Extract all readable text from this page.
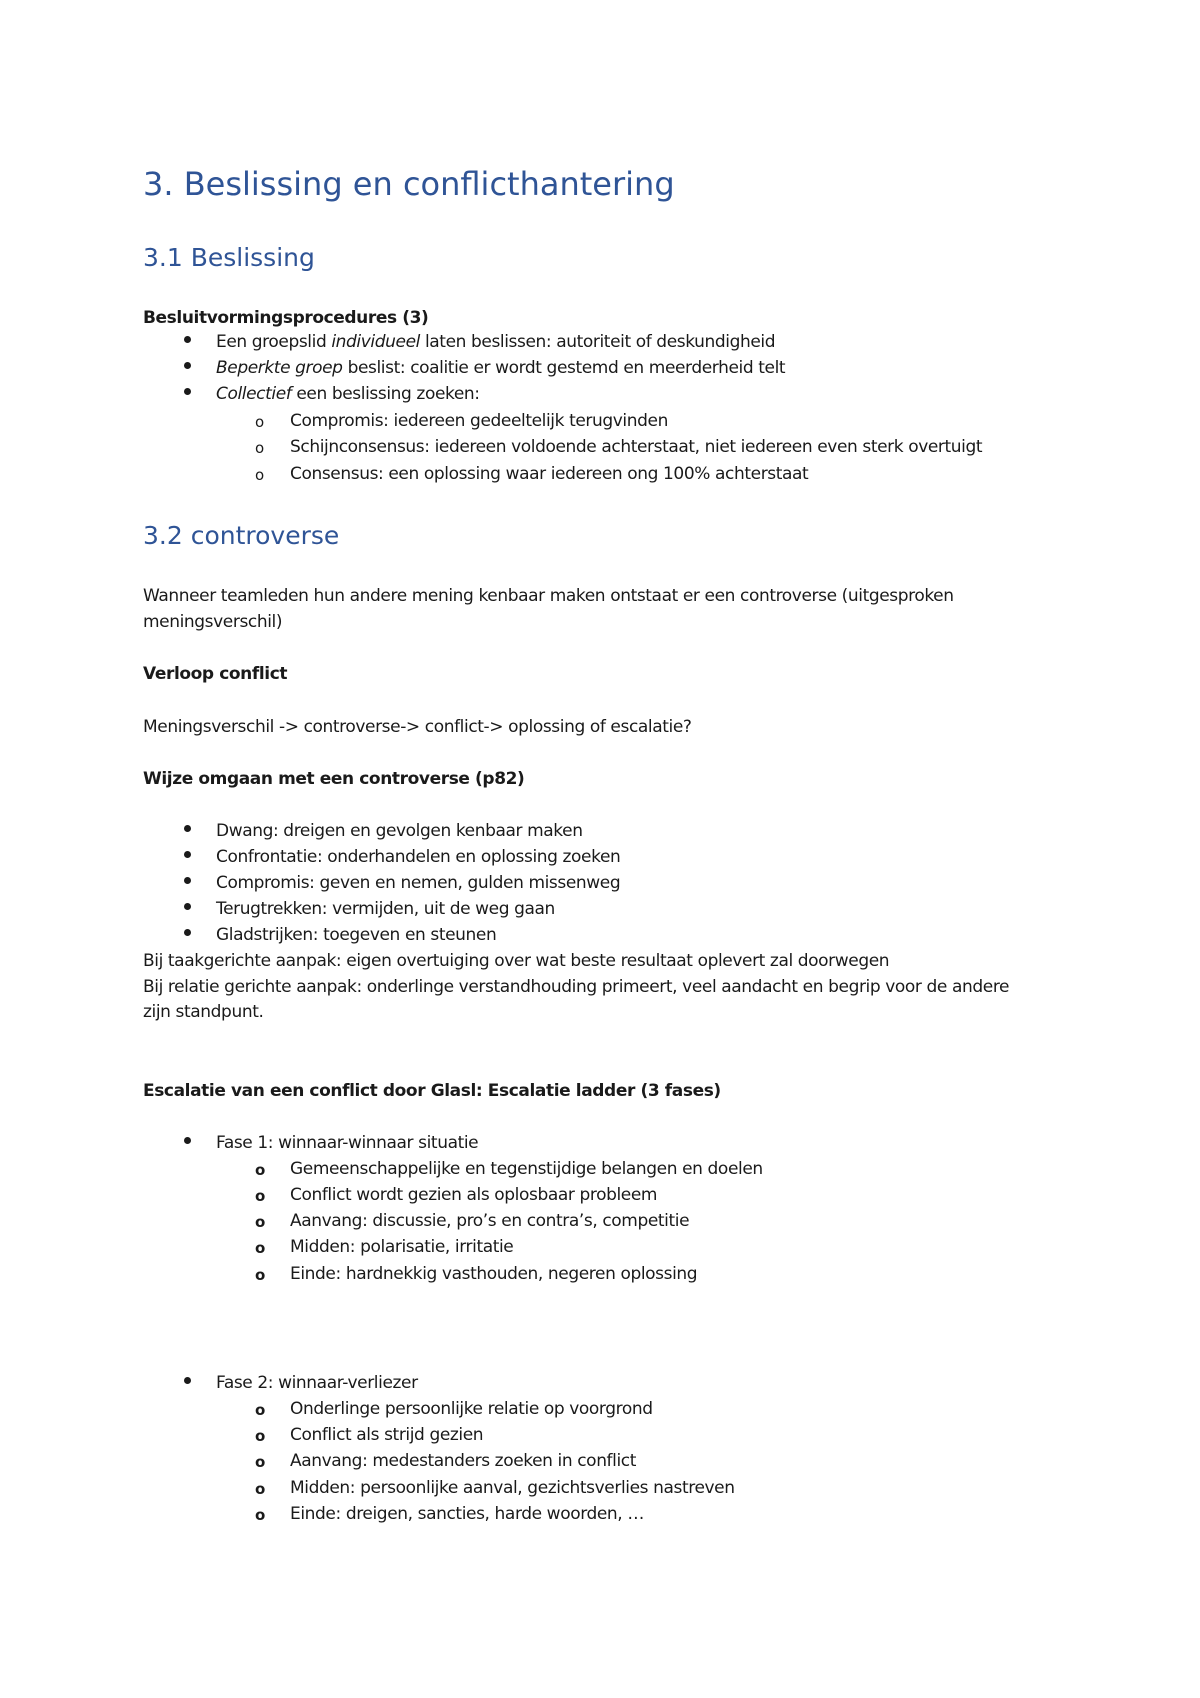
3. Beslissing en conflicthantering
3.1 Beslissing
Besluitvormingsprocedures (3)
Een groepslid individueel laten beslissen: autoriteit of deskundigheid
Beperkte groep beslist: coalitie er wordt gestemd en meerderheid telt
Collectief een beslissing zoeken:
o Compromis: iedereen gedeeltelijk terugvinden
o Schijnconsensus: iedereen voldoende achterstaat, niet iedereen even sterk overtuigt
o Consensus: een oplossing waar iedereen ong 100% achterstaat
3.2 controverse
Wanneer teamleden hun andere mening kenbaar maken ontstaat er een controverse (uitgesproken
meningsverschil)
Verloop conflict
Meningsverschil -> controverse-> conflict-> oplossing of escalatie?
Wijze omgaan met een controverse (p82)
Dwang: dreigen en gevolgen kenbaar maken
Confrontatie: onderhandelen en oplossing zoeken
Compromis: geven en nemen, gulden missenweg
Terugtrekken: vermijden, uit de weg gaan
Gladstrijken: toegeven en steunen
Bij taakgerichte aanpak: eigen overtuiging over wat beste resultaat oplevert zal doorwegen
Bij relatie gerichte aanpak: onderlinge verstandhouding primeert, veel aandacht en begrip voor de andere
zijn standpunt.
Escalatie van een conflict door Glasl: Escalatie ladder (3 fases)
Fase 1: winnaar-winnaar situatie
o Gemeenschappelijke en tegenstijdige belangen en doelen
o Conflict wordt gezien als oplosbaar probleem
o Aanvang: discussie, pro’s en contra’s, competitie
o Midden: polarisatie, irritatie
o Einde: hardnekkig vasthouden, negeren oplossing
Fase 2: winnaar-verliezer
o Onderlinge persoonlijke relatie op voorgrond
o Conflict als strijd gezien
o Aanvang: medestanders zoeken in conflict
o Midden: persoonlijke aanval, gezichtsverlies nastreven
o Einde: dreigen, sancties, harde woorden, …
